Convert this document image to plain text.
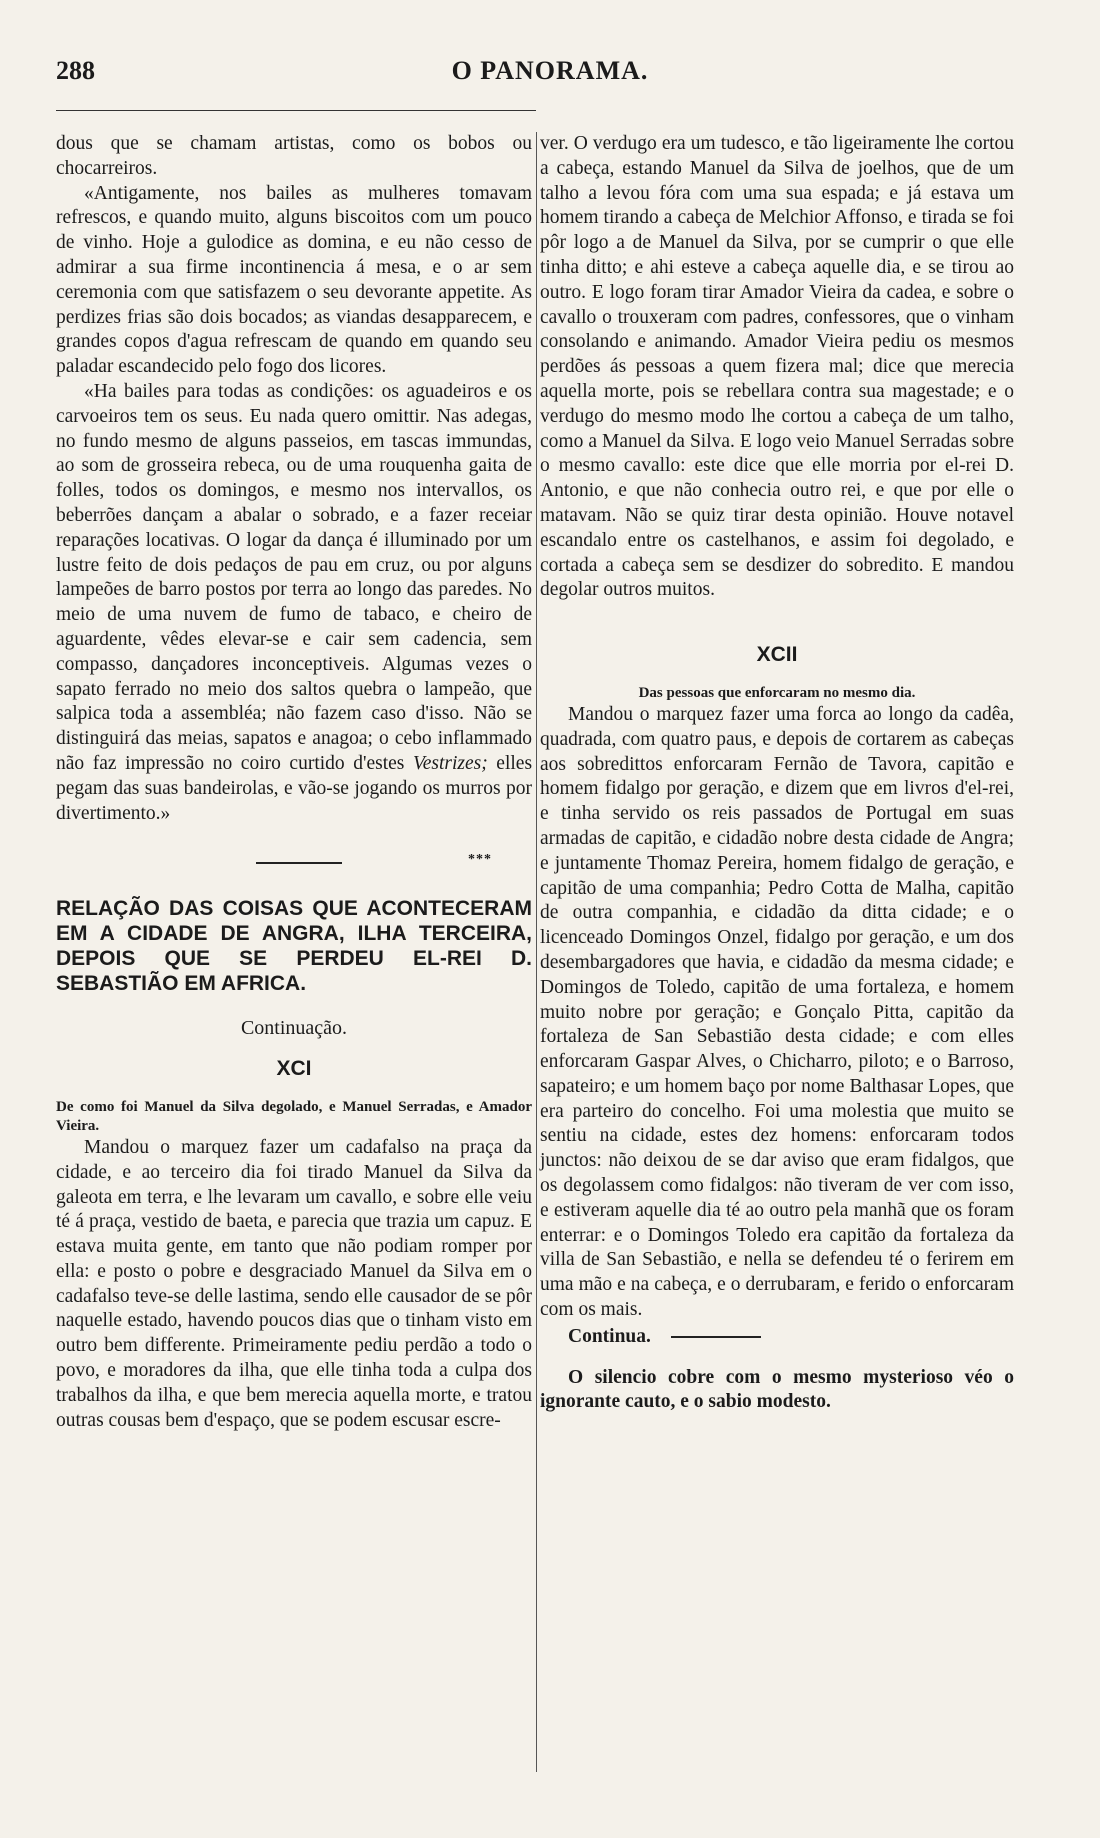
288	O PANORAMA.

dous que se chamam artistas, como os bobos ou chocarreiros.

«Antigamente, nos bailes as mulheres tomavam refrescos, e quando muito, alguns biscoitos com um pouco de vinho. Hoje a gulodice as domina, e eu não cesso de admirar a sua firme incontinencia á mesa, e o ar sem ceremonia com que satisfazem o seu devorante appetite. As perdizes frias são dois bocados; as viandas desapparecem, e grandes copos d'agua refrescam de quando em quando seu paladar escandecido pelo fogo dos licores.

«Ha bailes para todas as condições: os aguadeiros e os carvoeiros tem os seus. Eu nada quero omittir. Nas adegas, no fundo mesmo de alguns passeios, em tascas immundas, ao som de grosseira rebeca, ou de uma rouquenha gaita de folles, todos os domingos, e mesmo nos intervallos, os beberrões dançam a abalar o sobrado, e a fazer receiar reparações locativas. O logar da dança é illuminado por um lustre feito de dois pedaços de pau em cruz, ou por alguns lampeões de barro postos por terra ao longo das paredes. No meio de uma nuvem de fumo de tabaco, e cheiro de aguardente, vêdes elevar-se e cair sem cadencia, sem compasso, dançadores inconceptiveis. Algumas vezes o sapato ferrado no meio dos saltos quebra o lampeão, que salpica toda a assembléa; não fazem caso d'isso. Não se distinguirá das meias, sapatos e anagoa; o cebo inflammado não faz impressão no coiro curtido d'estes Vestrizes; elles pegam das suas bandeirolas, e vão-se jogando os murros por divertimento.»

***
RELAÇÃO DAS COISAS QUE ACONTECERAM EM A CIDADE DE ANGRA, ILHA TERCEIRA, DEPOIS QUE SE PERDEU EL-REI D. SEBASTIÃO EM AFRICA.
Continuação.
XCI

De como foi Manuel da Silva degolado, e Manuel Serradas, e Amador Vieira.

Mandou o marquez fazer um cadafalso na praça da cidade, e ao terceiro dia foi tirado Manuel da Silva da galeota em terra, e lhe levaram um cavallo, e sobre elle veiu té á praça, vestido de baeta, e parecia que trazia um capuz. E estava muita gente, em tanto que não podiam romper por ella: e posto o pobre e desgraciado Manuel da Silva em o cadafalso teve-se delle lastima, sendo elle causador de se pôr naquelle estado, havendo poucos dias que o tinham visto em outro bem differente. Primeiramente pediu perdão a todo o povo, e moradores da ilha, que elle tinha toda a culpa dos trabalhos da ilha, e que bem merecia aquella morte, e tratou outras cousas bem d'espaço, que se podem escusar escre-

ver. O verdugo era um tudesco, e tão ligeiramente lhe cortou a cabeça, estando Manuel da Silva de joelhos, que de um talho a levou fóra com uma sua espada; e já estava um homem tirando a cabeça de Melchior Affonso, e tirada se foi pôr logo a de Manuel da Silva, por se cumprir o que elle tinha ditto; e ahi esteve a cabeça aquelle dia, e se tirou ao outro. E logo foram tirar Amador Vieira da cadea, e sobre o cavallo o trouxeram com padres, confessores, que o vinham consolando e animando. Amador Vieira pediu os mesmos perdões ás pessoas a quem fizera mal; dice que merecia aquella morte, pois se rebellara contra sua magestade; e o verdugo do mesmo modo lhe cortou a cabeça de um talho, como a Manuel da Silva. E logo veio Manuel Serradas sobre o mesmo cavallo: este dice que elle morria por el-rei D. Antonio, e que não conhecia outro rei, e que por elle o matavam. Não se quiz tirar desta opinião. Houve notavel escandalo entre os castelhanos, e assim foi degolado, e cortada a cabeça sem se desdizer do sobredito. E mandou degolar outros muitos.

XCII

Das pessoas que enforcaram no mesmo dia.

Mandou o marquez fazer uma forca ao longo da cadêa, quadrada, com quatro paus, e depois de cortarem as cabeças aos sobredittos enforcaram Fernão de Tavora, capitão e homem fidalgo por geração, e dizem que em livros d'el-rei, e tinha servido os reis passados de Portugal em suas armadas de capitão, e cidadão nobre desta cidade de Angra; e juntamente Thomaz Pereira, homem fidalgo de geração, e capitão de uma companhia; Pedro Cotta de Malha, capitão de outra companhia, e cidadão da ditta cidade; e o licenceado Domingos Onzel, fidalgo por geração, e um dos desembargadores que havia, e cidadão da mesma cidade; e Domingos de Toledo, capitão de uma fortaleza, e homem muito nobre por geração; e Gonçalo Pitta, capitão da fortaleza de San Sebastião desta cidade; e com elles enforcaram Gaspar Alves, o Chicharro, piloto; e o Barroso, sapateiro; e um homem baço por nome Balthasar Lopes, que era parteiro do concelho. Foi uma molestia que muito se sentiu na cidade, estes dez homens: enforcaram todos junctos: não deixou de se dar aviso que eram fidalgos, que os degolassem como fidalgos: não tiveram de ver com isso, e estiveram aquelle dia té ao outro pela manhã que os foram enterrar: e o Domingos Toledo era capitão da fortaleza da villa de San Sebastião, e nella se defendeu té o ferirem em uma mão e na cabeça, e o derrubaram, e ferido o enforcaram com os mais.

Continua.

O silencio cobre com o mesmo mysterioso véo o ignorante cauto, e o sabio modesto.
